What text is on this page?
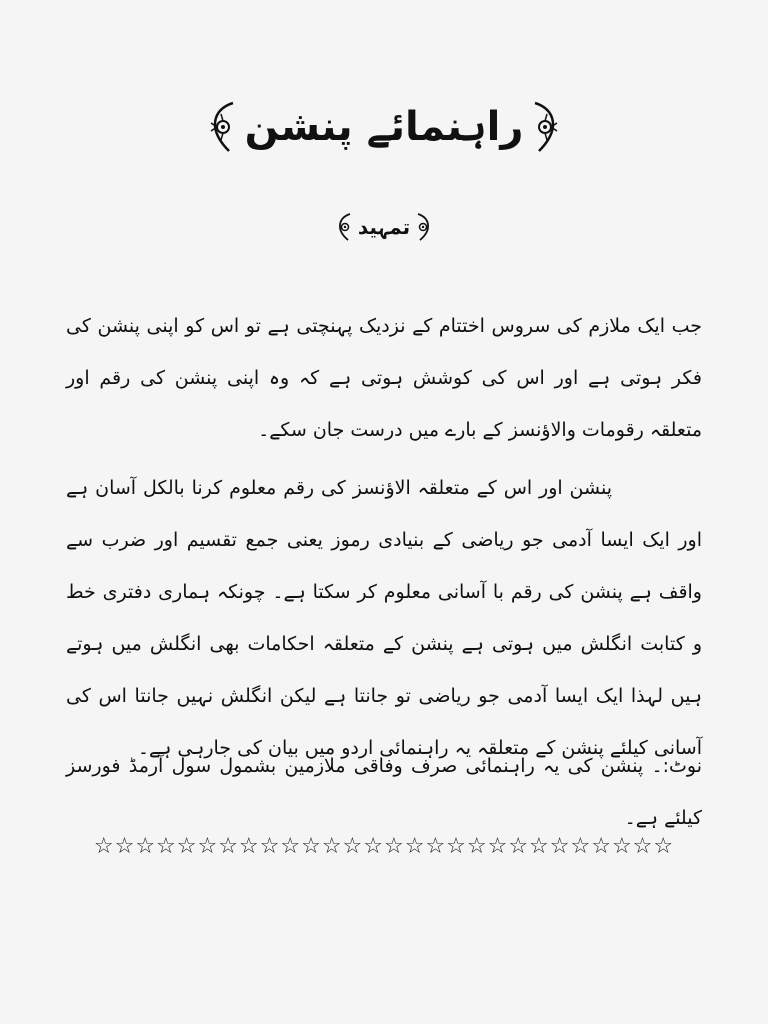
راہنمائے پنشن
تمہید
جب ایک ملازم کی سروس اختتام کے نزدیک پہنچتی ہے تو اس کو اپنی پنشن کی فکر ہوتی ہے اور اس کی کوشش ہوتی ہے کہ وہ اپنی پنشن کی رقم اور متعلقہ رقومات والاؤنسز کے بارے میں درست جان سکے۔
پنشن اور اس کے متعلقہ الاؤنسز کی رقم معلوم کرنا بالکل آسان ہے اور ایک ایسا آدمی جو ریاضی کے بنیادی رموز یعنی جمع تقسیم اور ضرب سے واقف ہے پنشن کی رقم با آسانی معلوم کر سکتا ہے۔ چونکہ ہماری دفتری خط و کتابت انگلش میں ہوتی ہے پنشن کے متعلقہ احکامات بھی انگلش میں ہوتے ہیں لہذا ایک ایسا آدمی جو ریاضی تو جانتا ہے لیکن انگلش نہیں جانتا اس کی آسانی کیلئے پنشن کے متعلقہ یہ راہنمائی اردو میں بیان کی جارہی ہے۔
نوٹ:۔ پنشن کی یہ راہنمائی صرف وفاقی ملازمین بشمول سول آرمڈ فورسز کیلئے ہے۔
☆☆☆☆☆☆☆☆☆☆☆☆☆☆☆☆☆☆☆☆☆☆☆☆☆☆☆☆
